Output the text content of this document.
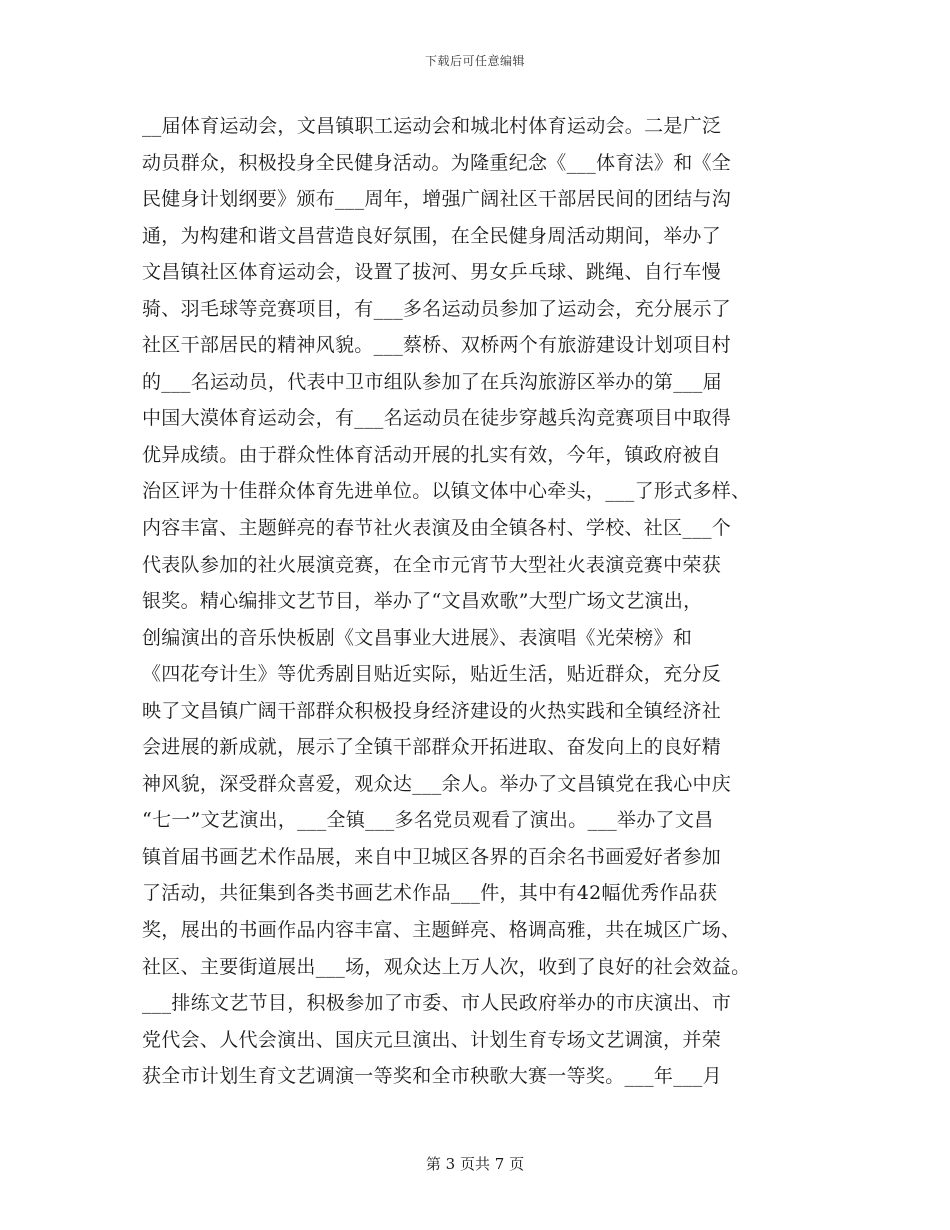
下载后可任意编辑
__届体育运动会，文昌镇职工运动会和城北村体育运动会。二是广泛
动员群众，积极投身全民健身活动。为隆重纪念《___体育法》和《全
民健身计划纲要》颁布___周年，增强广阔社区干部居民间的团结与沟
通，为构建和谐文昌营造良好氛围，在全民健身周活动期间，举办了
文昌镇社区体育运动会，设置了拔河、男女乒乓球、跳绳、自行车慢
骑、羽毛球等竞赛项目，有___多名运动员参加了运动会，充分展示了
社区干部居民的精神风貌。___蔡桥、双桥两个有旅游建设计划项目村
的___名运动员，代表中卫市组队参加了在兵沟旅游区举办的第___届
中国大漠体育运动会，有___名运动员在徒步穿越兵沟竞赛项目中取得
优异成绩。由于群众性体育活动开展的扎实有效，今年，镇政府被自
治区评为十佳群众体育先进单位。以镇文体中心牵头，___了形式多样、
内容丰富、主题鲜亮的春节社火表演及由全镇各村、学校、社区___个
代表队参加的社火展演竞赛，在全市元宵节大型社火表演竞赛中荣获
银奖。精心编排文艺节目，举办了“文昌欢歌”大型广场文艺演出，
创编演出的音乐快板剧《文昌事业大进展》、表演唱《光荣榜》和
《四花夸计生》等优秀剧目贴近实际，贴近生活，贴近群众，充分反
映了文昌镇广阔干部群众积极投身经济建设的火热实践和全镇经济社
会进展的新成就，展示了全镇干部群众开拓进取、奋发向上的良好精
神风貌，深受群众喜爱，观众达___余人。举办了文昌镇党在我心中庆
“七一”文艺演出，___全镇___多名党员观看了演出。___举办了文昌
镇首届书画艺术作品展，来自中卫城区各界的百余名书画爱好者参加
了活动，共征集到各类书画艺术作品___件，其中有42幅优秀作品获
奖，展出的书画作品内容丰富、主题鲜亮、格调高雅，共在城区广场、
社区、主要街道展出___场，观众达上万人次，收到了良好的社会效益。
___排练文艺节目，积极参加了市委、市人民政府举办的市庆演出、市
党代会、人代会演出、国庆元旦演出、计划生育专场文艺调演，并荣
获全市计划生育文艺调演一等奖和全市秧歌大赛一等奖。___年___月
第 3 页共 7 页
